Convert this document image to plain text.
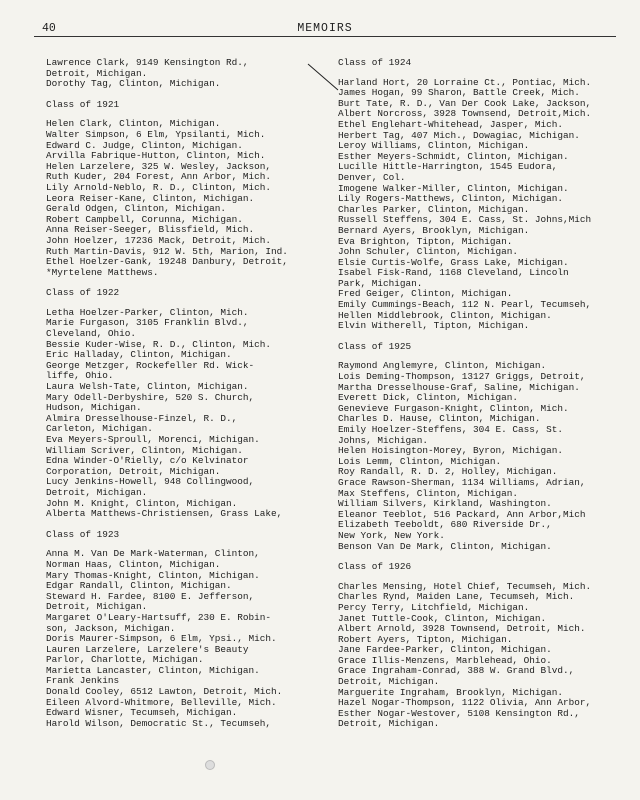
40	MEMOIRS
Lawrence Clark, 9149 Kensington Rd.,
Detroit, Michigan.
Dorothy Tag, Clinton, Michigan.
Class of 1921
Helen Clark, Clinton, Michigan.
Walter Simpson, 6 Elm, Ypsilanti, Mich.
Edward C. Judge, Clinton, Michigan.
Arvilla Fabrique-Hutton, Clinton, Mich.
Helen Larzelere, 325 W. Wesley, Jackson,
Ruth Kuder, 204 Forest, Ann Arbor, Mich.
Lily Arnold-Neblo, R. D., Clinton, Mich.
Leora Reiser-Kane, Clinton, Michigan.
Gerald Odgen, Clinton, Michigan.
Robert Campbell, Corunna, Michigan.
Anna Reiser-Seeger, Blissfield, Mich.
John Hoelzer, 17236 Mack, Detroit, Mich.
Ruth Martin-Davis, 912 W. 5th, Marion, Ind.
Ethel Hoelzer-Gank, 19248 Danbury, Detroit,
*Myrtelene Matthews.
Class of 1922
Letha Hoelzer-Parker, Clinton, Mich.
Marie Furgason, 3105 Franklin Blvd.,
Cleveland, Ohio.
Bessie Kuder-Wise, R. D., Clinton, Mich.
Eric Halladay, Clinton, Michigan.
George Metzger, Rockefeller Rd. Wick-
liffe, Ohio.
Laura Welsh-Tate, Clinton, Michigan.
Mary Odell-Derbyshire, 520 S. Church,
Hudson, Michigan.
Almira Dresselhouse-Finzel, R. D.,
Carleton, Michigan.
Eva Meyers-Sproull, Morenci, Michigan.
William Scriver, Clinton, Michigan.
Edna Winder-O'Rielly, c/o Kelvinator
Corporation, Detroit, Michigan.
Lucy Jenkins-Howell, 948 Collingwood,
Detroit, Michigan.
John M. Knight, Clinton, Michigan.
Alberta Matthews-Christiensen, Grass Lake,
Class of 1923
Anna M. Van De Mark-Waterman, Clinton,
Norman Haas, Clinton, Michigan.
Mary Thomas-Knight, Clinton, Michigan.
Edgar Randall, Clinton, Michigan.
Steward H. Fardee, 8100 E. Jefferson,
Detroit, Michigan.
Margaret O'Leary-Hartsuff, 230 E. Robin-
son, Jackson, Michigan.
Doris Maurer-Simpson, 6 Elm, Ypsi., Mich.
Lauren Larzelere, Larzelere's Beauty
Parlor, Charlotte, Michigan.
Marietta Lancaster, Clinton, Michigan.
Frank Jenkins
Donald Cooley, 6512 Lawton, Detroit, Mich.
Eileen Alvord-Whitmore, Belleville, Mich.
Edward Wisner, Tecumseh, Michigan.
Harold Wilson, Democratic St., Tecumseh,
Class of 1924
Harland Hort, 20 Lorraine Ct., Pontiac, Mich.
James Hogan, 99 Sharon, Battle Creek, Mich.
Burt Tate, R. D., Van Der Cook Lake, Jackson,
Albert Norcross, 3928 Townsend, Detroit,Mich.
Ethel Englehart-Whitehead, Jasper, Mich.
Herbert Tag, 407 Mich., Dowagiac, Michigan.
Leroy Williams, Clinton, Michigan.
Esther Meyers-Schmidt, Clinton, Michigan.
Lucille Hittle-Harrington, 1545 Eudora,
Denver, Col.
Imogene Walker-Miller, Clinton, Michigan.
Lily Rogers-Matthews, Clinton, Michigan.
Charles Parker, Clinton, Michigan.
Russell Steffens, 304 E. Cass, St. Johns,Mich
Bernard Ayers, Brooklyn, Michigan.
Eva Brighton, Tipton, Michigan.
John Schuler, Clinton, Michigan.
Elsie Curtis-Wolfe, Grass Lake, Michigan.
Isabel Fisk-Rand, 1168 Cleveland, Lincoln
Park, Michigan.
Fred Geiger, Clinton, Michigan.
Emily Cummings-Beach, 112 N. Pearl, Tecumseh,
Hellen Middlebrook, Clinton, Michigan.
Elvin Witherell, Tipton, Michigan.
Class of 1925
Raymond Anglemyre, Clinton, Michigan.
Lois Deming-Thompson, 13127 Griggs, Detroit,
Martha Dresselhouse-Graf, Saline, Michigan.
Everett Dick, Clinton, Michigan.
Genevieve Furgason-Knight, Clinton, Mich.
Charles D. Hause, Clinton, Michigan.
Emily Hoelzer-Steffens, 304 E. Cass, St.
Johns, Michigan.
Helen Hoisington-Morey, Byron, Michigan.
Lois Lemm, Clinton, Michigan.
Roy Randall, R. D. 2, Holley, Michigan.
Grace Rawson-Sherman, 1134 Williams, Adrian,
Max Steffens, Clinton, Michigan.
William Silvers, Kirkland, Washington.
Eleanor Teeblot, 516 Packard, Ann Arbor,Mich
Elizabeth Teeboldt, 680 Riverside Dr.,
New York, New York.
Benson Van De Mark, Clinton, Michigan.
Class of 1926
Charles Mensing, Hotel Chief, Tecumseh, Mich.
Charles Rynd, Maiden Lane, Tecumseh, Mich.
Percy Terry, Litchfield, Michigan.
Janet Tuttle-Cook, Clinton, Michigan.
Albert Arnold, 3928 Townsend, Detroit, Mich.
Robert Ayers, Tipton, Michigan.
Jane Fardee-Parker, Clinton, Michigan.
Grace Illis-Menzens, Marblehead, Ohio.
Grace Ingraham-Conrad, 388 W. Grand Blvd.,
Detroit, Michigan.
Marguerite Ingraham, Brooklyn, Michigan.
Hazel Nogar-Thompson, 1122 Olivia, Ann Arbor,
Esther Nogar-Westover, 5108 Kensington Rd.,
Detroit, Michigan.
